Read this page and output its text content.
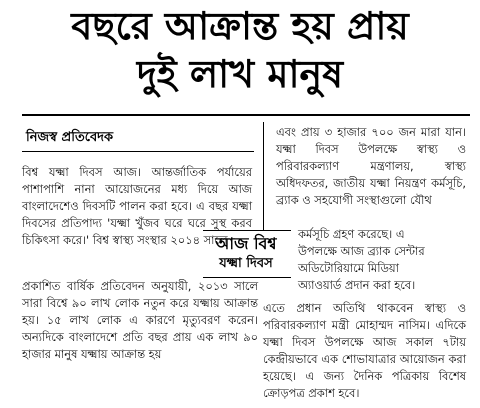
বছরে আক্রান্ত হয় প্রায়
দুই লাখ মানুষ
নিজস্ব প্রতিবেদক

বিশ্ব যক্ষ্মা দিবস আজ। আন্তর্জাতিক পর্যায়ের পাশাপাশি নানা আয়োজনের মধ্য দিয়ে আজ বাংলাদেশেও দিবসটি পালন করা হবে। এ বছর যক্ষ্মা দিবসের প্রতিপাদ্য 'যক্ষ্মা খুঁজব ঘরে ঘরে সুস্থ করব চিকিৎসা করে।' বিশ্ব স্বাস্থ্য সংস্থার ২০১৪ সালে

আজ বিশ্ব
যক্ষ্মা দিবস

প্রকাশিত বার্ষিক প্রতিবেদন অনুযায়ী, ২০১৩ সালে সারা বিশ্বে ৯০ লাখ লোক নতুন করে যক্ষ্মায় আক্রান্ত হয়। ১৫ লাখ লোক এ কারণে মৃত্যুবরণ করেন। অন্যদিকে বাংলাদেশে প্রতি বছর প্রায় এক লাখ ৯০ হাজার মানুষ যক্ষ্মায় আক্রান্ত হয়

এবং প্রায় ৩ হাজার ৭০০ জন মারা যান। যক্ষ্মা দিবস উপলক্ষে স্বাস্থ্য ও পরিবারকল্যাণ মন্ত্রণালয়, স্বাস্থ্য অধিদফতর, জাতীয় যক্ষ্মা নিয়ন্ত্রণ কর্মসূচি, ব্র্যাক ও সহযোগী সংস্থাগুলো যৌথ

কর্মসূচি গ্রহণ করেছে। এ
উপলক্ষে আজ ব্র্যাক সেন্টার
অডিটোরিয়ামে মিডিয়া
অ্যাওয়ার্ড প্রদান করা হবে।

এতে প্রধান অতিথি থাকবেন স্বাস্থ্য ও পরিবারকল্যাণ মন্ত্রী মোহাম্মদ নাসিম। এদিকে যক্ষ্মা দিবস উপলক্ষে আজ সকাল ৭টায় কেন্দ্রীয়ভাবে এক শোভাযাত্রার আয়োজন করা হয়েছে। এ জন্য দৈনিক পত্রিকায় বিশেষ ক্রোড়পত্র প্রকাশ হবে।
